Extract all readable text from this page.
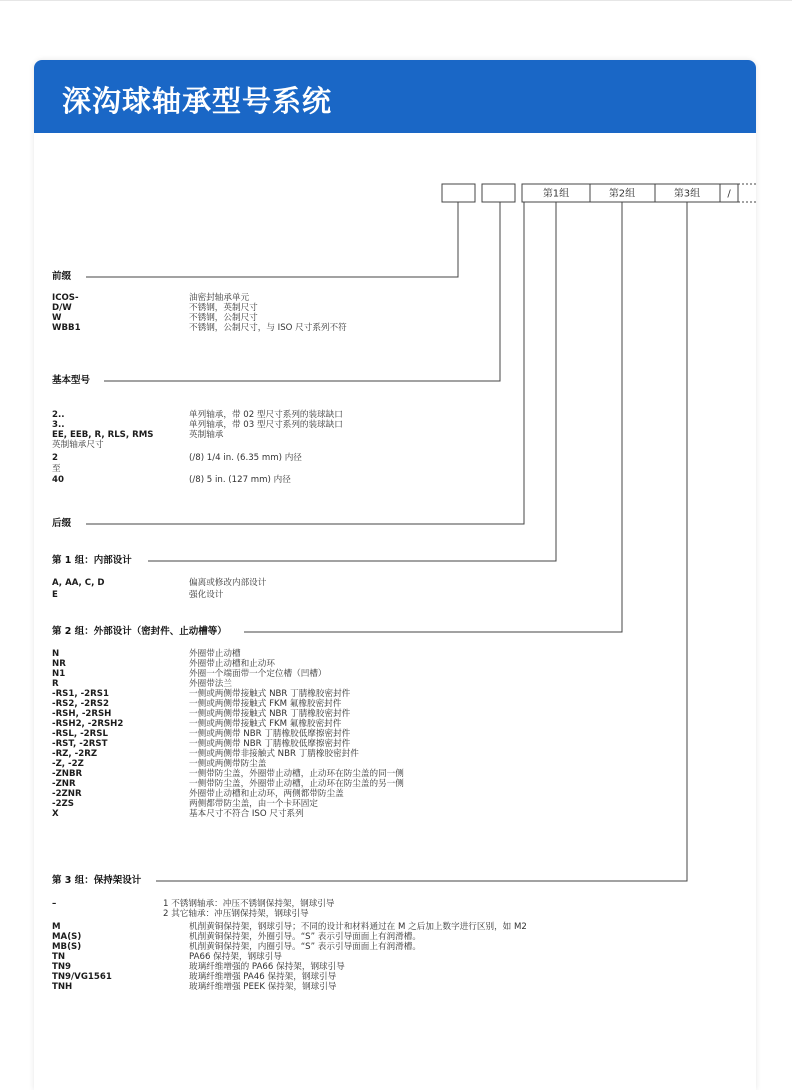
深沟球轴承型号系统
第1组	第2组	第3组	/
前缀
ICOS-	油密封轴承单元
D/W	不锈钢，英制尺寸
W	不锈钢，公制尺寸
WBB1	不锈钢，公制尺寸，与 ISO 尺寸系列不符
基本型号
2..	单列轴承，带 02 型尺寸系列的装球缺口
3..	单列轴承，带 03 型尺寸系列的装球缺口
EE, EEB, R, RLS, RMS	英制轴承
英制轴承尺寸
2	(/8) 1/4 in. (6.35 mm) 内径
至
40	(/8) 5 in. (127 mm) 内径
后缀
第 1 组：内部设计
A, AA, C, D	偏离或修改内部设计
E	强化设计
第 2 组：外部设计（密封件、止动槽等）
N	外圈带止动槽
NR	外圈带止动槽和止动环
N1	外圈一个端面带一个定位槽（凹槽）
R	外圈带法兰
-RS1, -2RS1	一侧或两侧带接触式 NBR 丁腈橡胶密封件
-RS2, -2RS2	一侧或两侧带接触式 FKM 氟橡胶密封件
-RSH, -2RSH	一侧或两侧带接触式 NBR 丁腈橡胶密封件
-RSH2, -2RSH2	一侧或两侧带接触式 FKM 氟橡胶密封件
-RSL, -2RSL	一侧或两侧带 NBR 丁腈橡胶低摩擦密封件
-RST, -2RST	一侧或两侧带 NBR 丁腈橡胶低摩擦密封件
-RZ, -2RZ	一侧或两侧带非接触式 NBR 丁腈橡胶密封件
-Z, -2Z	一侧或两侧带防尘盖
-ZNBR	一侧带防尘盖，外圈带止动槽，止动环在防尘盖的同一侧
-ZNR	一侧带防尘盖，外圈带止动槽，止动环在防尘盖的另一侧
-2ZNR	外圈带止动槽和止动环，两侧都带防尘盖
-2ZS	两侧都带防尘盖，由一个卡环固定
X	基本尺寸不符合 ISO 尺寸系列
第 3 组：保持架设计
–	1 不锈钢轴承：冲压不锈钢保持架，钢球引导
2 其它轴承：冲压钢保持架，钢球引导
M	机削黄铜保持架，钢球引导；不同的设计和材料通过在 M 之后加上数字进行区别，如 M2
MA(S)	机削黄铜保持架，外圈引导。“S” 表示引导面面上有润滑槽。
MB(S)	机削黄铜保持架，内圈引导。“S” 表示引导面面上有润滑槽。
TN	PA66 保持架，钢球引导
TN9	玻璃纤维增强的 PA66 保持架，钢球引导
TN9/VG1561	玻璃纤维增强 PA46 保持架，钢球引导
TNH	玻璃纤维增强 PEEK 保持架，钢球引导
